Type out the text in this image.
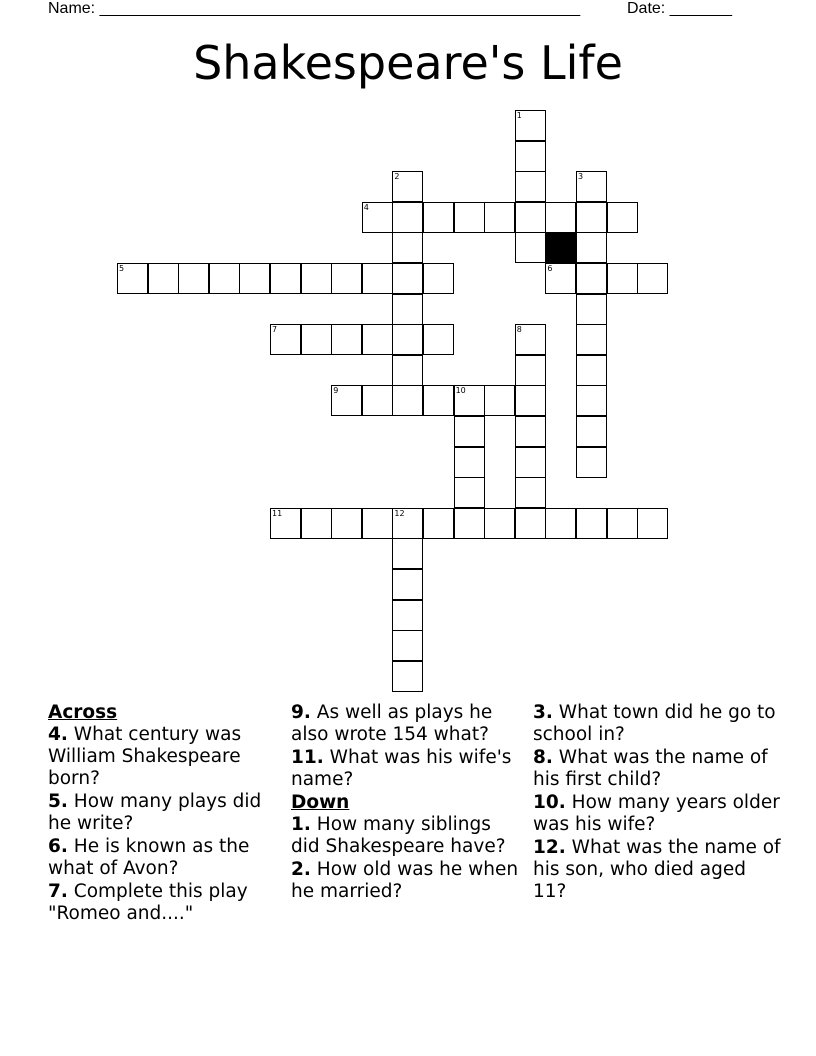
Name: ______________________________________________________	Date: _______
Shakespeare's Life
1
2	3
4
5	6
7	8
9	10
11	12
Across
4. What century was William Shakespeare born?
5. How many plays did he write?
6. He is known as the what of Avon?
7. Complete this play "Romeo and...."
9. As well as plays he also wrote 154 what?
11. What was his wife's name?
Down
1. How many siblings did Shakespeare have?
2. How old was he when he married?
3. What town did he go to school in?
8. What was the name of his first child?
10. How many years older was his wife?
12. What was the name of his son, who died aged 11?
